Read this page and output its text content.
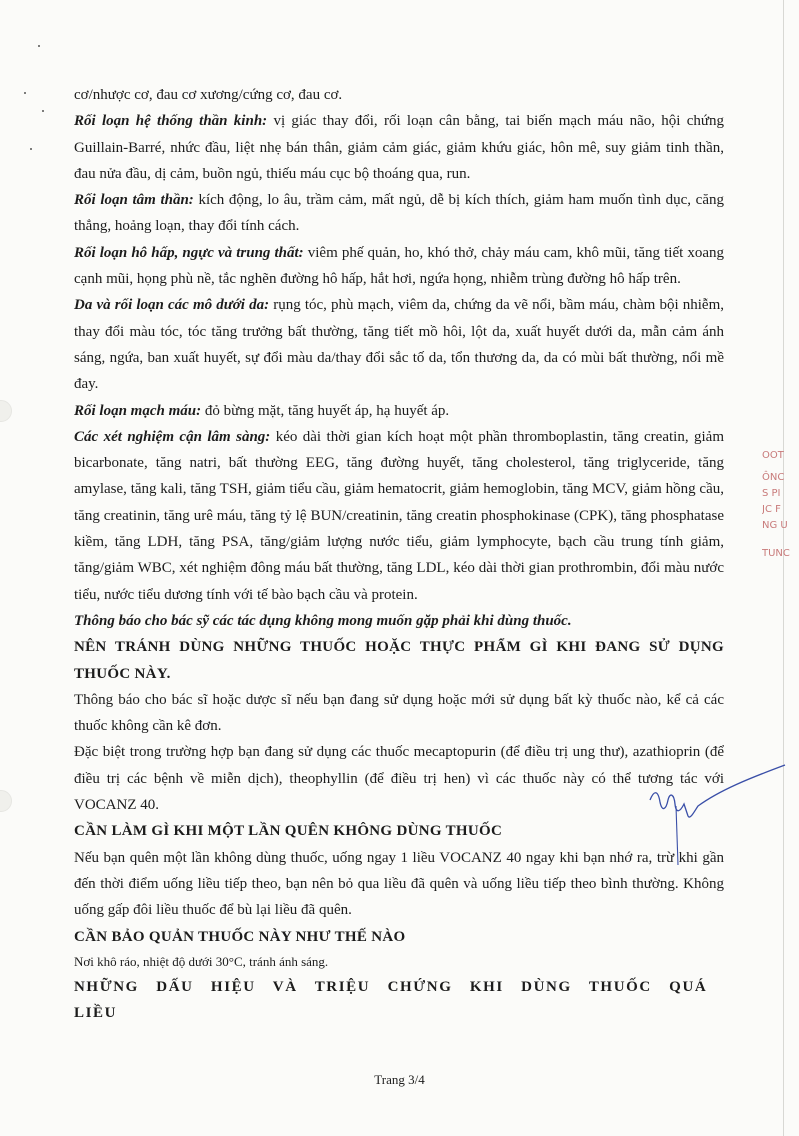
cơ/nhược cơ, đau cơ xương/cứng cơ, đau cơ.

Rối loạn hệ thống thần kinh: vị giác thay đổi, rối loạn cân bằng, tai biến mạch máu não, hội chứng Guillain-Barré, nhức đầu, liệt nhẹ bán thân, giảm cảm giác, giảm khứu giác, hôn mê, suy giảm tinh thần, đau nửa đầu, dị cảm, buồn ngủ, thiếu máu cục bộ thoáng qua, run.

Rối loạn tâm thần: kích động, lo âu, trầm cảm, mất ngủ, dễ bị kích thích, giảm ham muốn tình dục, căng thẳng, hoảng loạn, thay đổi tính cách.

Rối loạn hô hấp, ngực và trung thất: viêm phế quản, ho, khó thở, chảy máu cam, khô mũi, tăng tiết xoang cạnh mũi, họng phù nề, tắc nghẽn đường hô hấp, hắt hơi, ngứa họng, nhiễm trùng đường hô hấp trên.

Da và rối loạn các mô dưới da: rụng tóc, phù mạch, viêm da, chứng da vẽ nổi, bầm máu, chàm bội nhiễm, thay đổi màu tóc, tóc tăng trưởng bất thường, tăng tiết mồ hôi, lột da, xuất huyết dưới da, mẫn cảm ánh sáng, ngứa, ban xuất huyết, sự đổi màu da/thay đổi sắc tố da, tổn thương da, da có mùi bất thường, nổi mề đay.

Rối loạn mạch máu: đỏ bừng mặt, tăng huyết áp, hạ huyết áp.

Các xét nghiệm cận lâm sàng: kéo dài thời gian kích hoạt một phần thromboplastin, tăng creatin, giảm bicarbonate, tăng natri, bất thường EEG, tăng đường huyết, tăng cholesterol, tăng triglyceride, tăng amylase, tăng kali, tăng TSH, giảm tiểu cầu, giảm hematocrit, giảm hemoglobin, tăng MCV, giảm hồng cầu, tăng creatinin, tăng urê máu, tăng tỷ lệ BUN/creatinin, tăng creatin phosphokinase (CPK), tăng phosphatase kiềm, tăng LDH, tăng PSA, tăng/giảm lượng nước tiểu, giảm lymphocyte, bạch cầu trung tính giảm, tăng/giảm WBC, xét nghiệm đông máu bất thường, tăng LDL, kéo dài thời gian prothrombin, đổi màu nước tiểu, nước tiểu dương tính với tế bào bạch cầu và protein.

Thông báo cho bác sỹ các tác dụng không mong muốn gặp phải khi dùng thuốc.

NÊN TRÁNH DÙNG NHỮNG THUỐC HOẶC THỰC PHẨM GÌ KHI ĐANG SỬ DỤNG THUỐC NÀY.

Thông báo cho bác sĩ hoặc dược sĩ nếu bạn đang sử dụng hoặc mới sử dụng bất kỳ thuốc nào, kể cả các thuốc không cần kê đơn.

Đặc biệt trong trường hợp bạn đang sử dụng các thuốc mecaptopurin (để điều trị ung thư), azathioprin (để điều trị các bệnh về miễn dịch), theophyllin (để điều trị hen) vì các thuốc này có thể tương tác với VOCANZ 40.

CẦN LÀM GÌ KHI MỘT LẦN QUÊN KHÔNG DÙNG THUỐC

Nếu bạn quên một lần không dùng thuốc, uống ngay 1 liều VOCANZ 40 ngay khi bạn nhớ ra, trừ khi gần đến thời điểm uống liều tiếp theo, bạn nên bỏ qua liều đã quên và uống liều tiếp theo bình thường. Không uống gấp đôi liều thuốc để bù lại liều đã quên.

CẦN BẢO QUẢN THUỐC NÀY NHƯ THẾ NÀO

Nơi khô ráo, nhiệt độ dưới 30°C, tránh ánh sáng.

NHỮNG DẤU HIỆU VÀ TRIỆU CHỨNG KHI DÙNG THUỐC QUÁ LIỀU
OOT
ÔNC
S PI
JC F
NG U
TUNC
Trang 3/4
